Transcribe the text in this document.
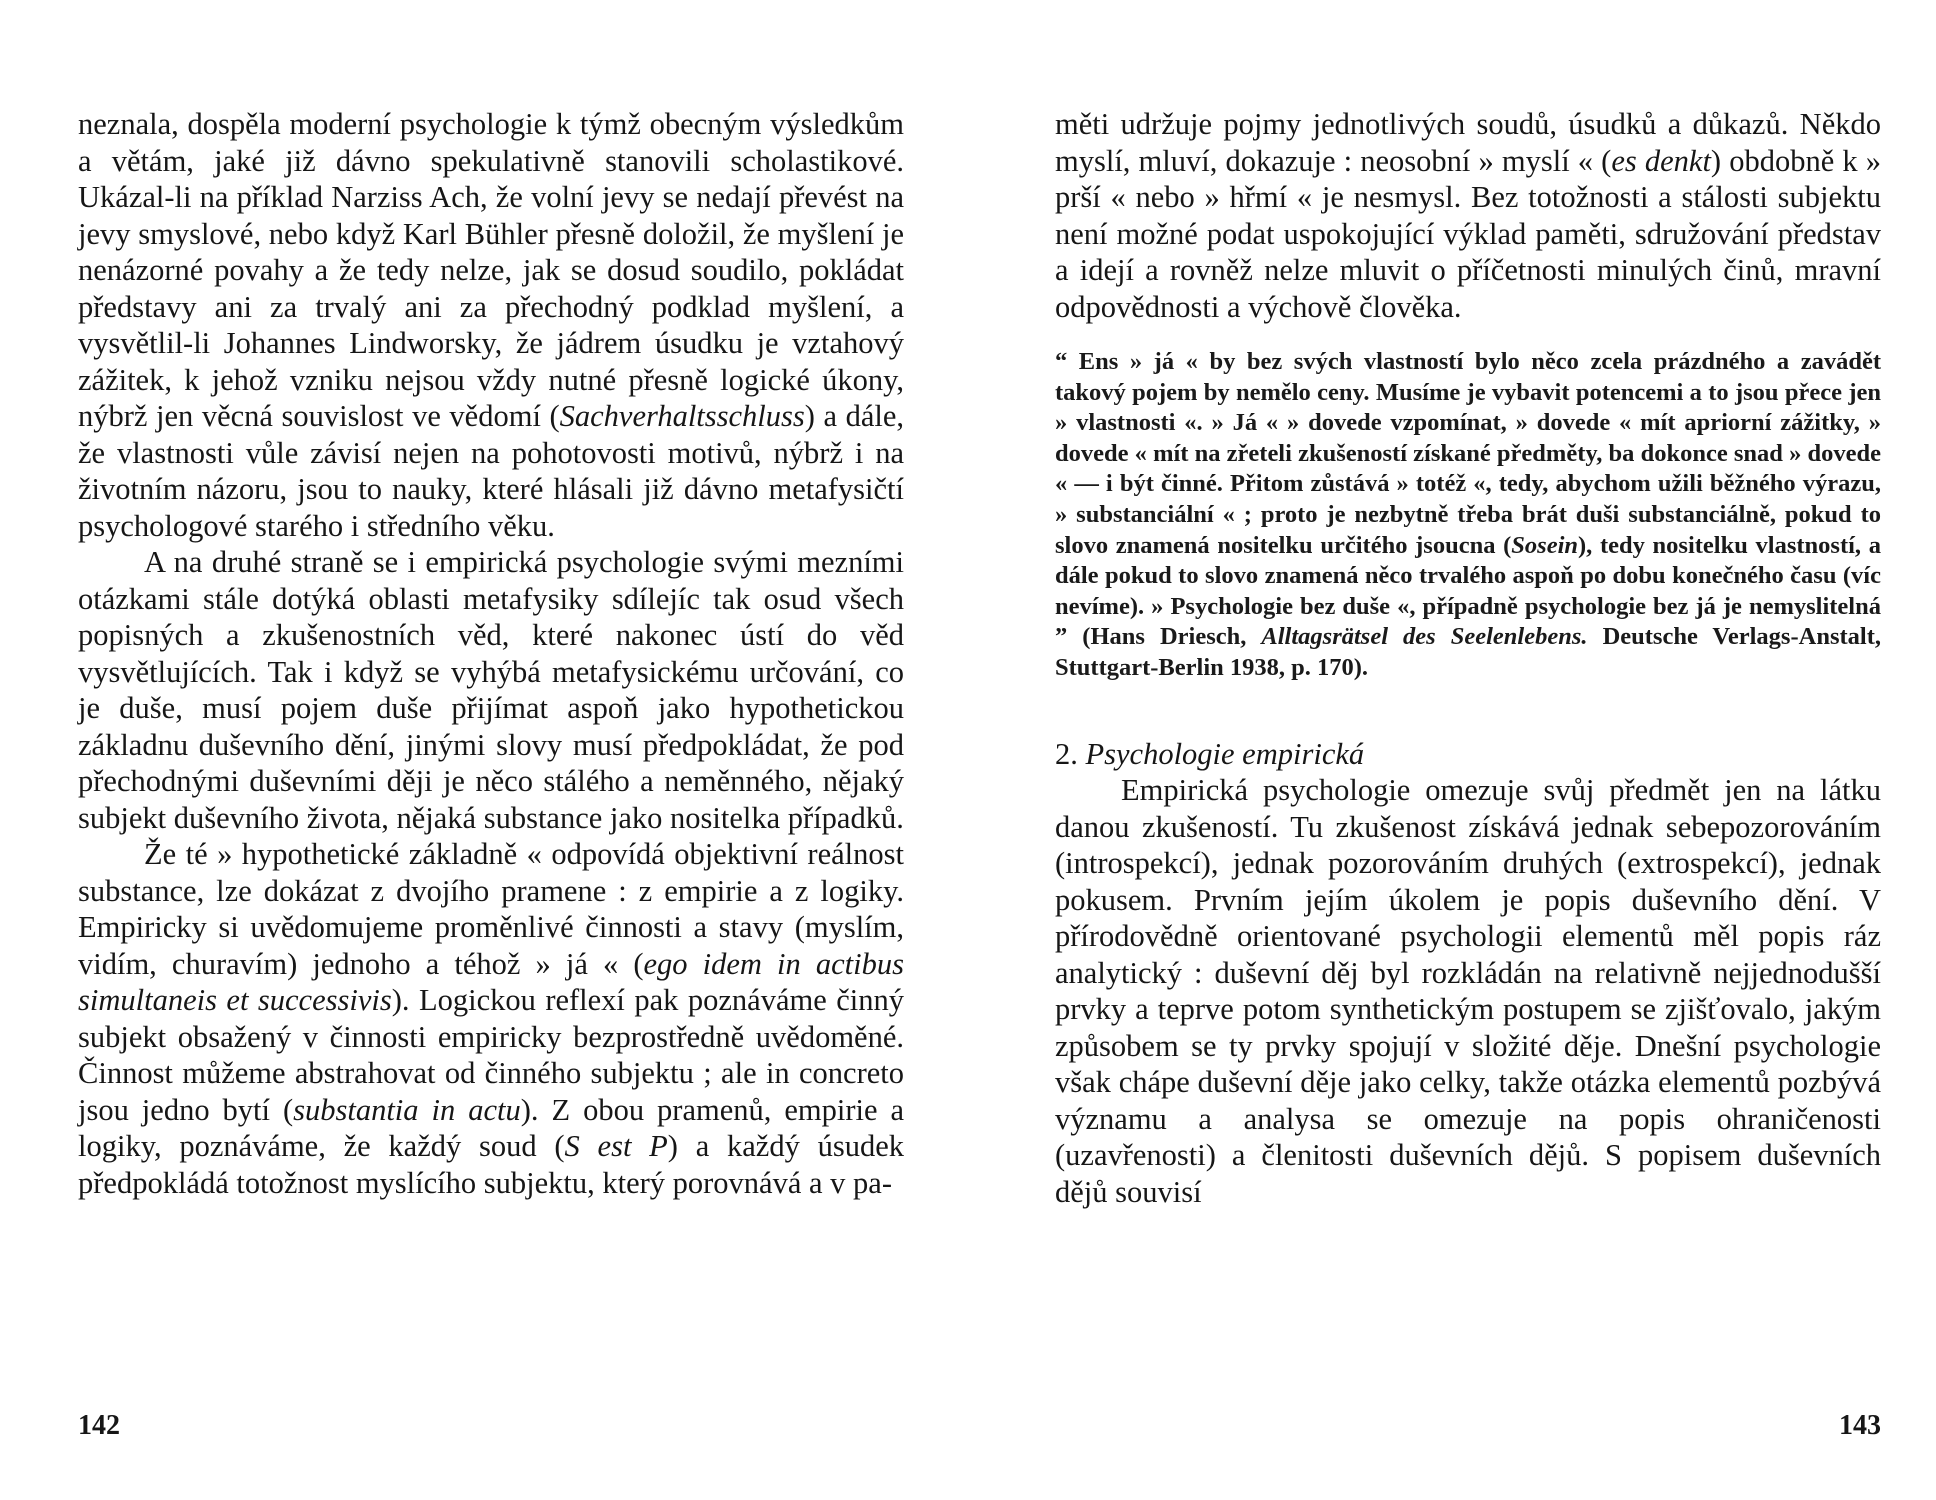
neznala, dospěla moderní psychologie k týmž obecným výsledkům a větám, jaké již dávno spekulativně stanovili scholastikové. Ukázal-li na příklad Narziss Ach, že volní jevy se nedají převést na jevy smyslové, nebo když Karl Bühler přesně doložil, že myšlení je nenázorné povahy a že tedy nelze, jak se dosud soudilo, pokládat představy ani za trvalý ani za přechodný podklad myšlení, a vysvětlil-li Johannes Lindworsky, že jádrem úsudku je vztahový zážitek, k jehož vzniku nejsou vždy nutné přesně logické úkony, nýbrž jen věcná souvislost ve vědomí (Sachverhaltsschluss) a dále, že vlastnosti vůle závisí nejen na pohotovosti motivů, nýbrž i na životním názoru, jsou to nauky, které hlásali již dávno metafysičtí psychologové starého i středního věku.

A na druhé straně se i empirická psychologie svými mezními otázkami stále dotýká oblasti metafysiky sdílejíc tak osud všech popisných a zkušenostních věd, které nakonec ústí do věd vysvětlujících. Tak i když se vyhýbá metafysickému určování, co je duše, musí pojem duše přijímat aspoň jako hypothetickou základnu duševního dění, jinými slovy musí předpokládat, že pod přechodnými duševními ději je něco stálého a neměnného, nějaký subjekt duševního života, nějaká substance jako nositelka případků.

Že té » hypothetické základně « odpovídá objektivní reálnost substance, lze dokázat z dvojího pramene : z empirie a z logiky. Empiricky si uvědomujeme proměnlivé činnosti a stavy (myslím, vidím, churavím) jednoho a téhož » já « (ego idem in actibus simultaneis et successivis). Logickou reflexí pak poznáváme činný subjekt obsažený v činnosti empiricky bezprostředně uvědoměné. Činnost můžeme abstrahovat od činného subjektu ; ale in concreto jsou jedno bytí (substantia in actu). Z obou pramenů, empirie a logiky, poznáváme, že každý soud (S est P) a každý úsudek předpokládá totožnost myslícího subjektu, který porovnává a v pa-

142

měti udržuje pojmy jednotlivých soudů, úsudků a důkazů. Někdo myslí, mluví, dokazuje : neosobní » myslí « (es denkt) obdobně k » prší « nebo » hřmí « je nesmysl. Bez totožnosti a stálosti subjektu není možné podat uspokojující výklad paměti, sdružování představ a idejí a rovněž nelze mluvit o příčetnosti minulých činů, mravní odpovědnosti a výchově člověka.

“ Ens » já « by bez svých vlastností bylo něco zcela prázdného a zavádět takový pojem by nemělo ceny. Musíme je vybavit potencemi a to jsou přece jen » vlastnosti «. » Já « » dovede vzpomínat, » dovede « mít apriorní zážitky, » dovede « mít na zřeteli zkušeností získané předměty, ba dokonce snad » dovede « — i být činné. Přitom zůstává » totéž «, tedy, abychom užili běžného výrazu, » substanciální « ; proto je nezbytně třeba brát duši substanciálně, pokud to slovo znamená nositelku určitého jsoucna (Sosein), tedy nositelku vlastností, a dále pokud to slovo znamená něco trvalého aspoň po dobu konečného času (víc nevíme). » Psychologie bez duše «, případně psychologie bez já je nemyslitelná ” (Hans Driesch, Alltagsrätsel des Seelenlebens. Deutsche Verlags-Anstalt, Stuttgart-Berlin 1938, p. 170).

2. Psychologie empirická

Empirická psychologie omezuje svůj předmět jen na látku danou zkušeností. Tu zkušenost získává jednak sebepozorováním (introspekcí), jednak pozorováním druhých (extrospekcí), jednak pokusem. Prvním jejím úkolem je popis duševního dění. V přírodovědně orientované psychologii elementů měl popis ráz analytický : duševní děj byl rozkládán na relativně nejjednodušší prvky a teprve potom synthetickým postupem se zjišťovalo, jakým způsobem se ty prvky spojují v složité děje. Dnešní psychologie však chápe duševní děje jako celky, takže otázka elementů pozbývá významu a analysa se omezuje na popis ohraničenosti (uzavřenosti) a členitosti duševních dějů. S popisem duševních dějů souvisí

143
